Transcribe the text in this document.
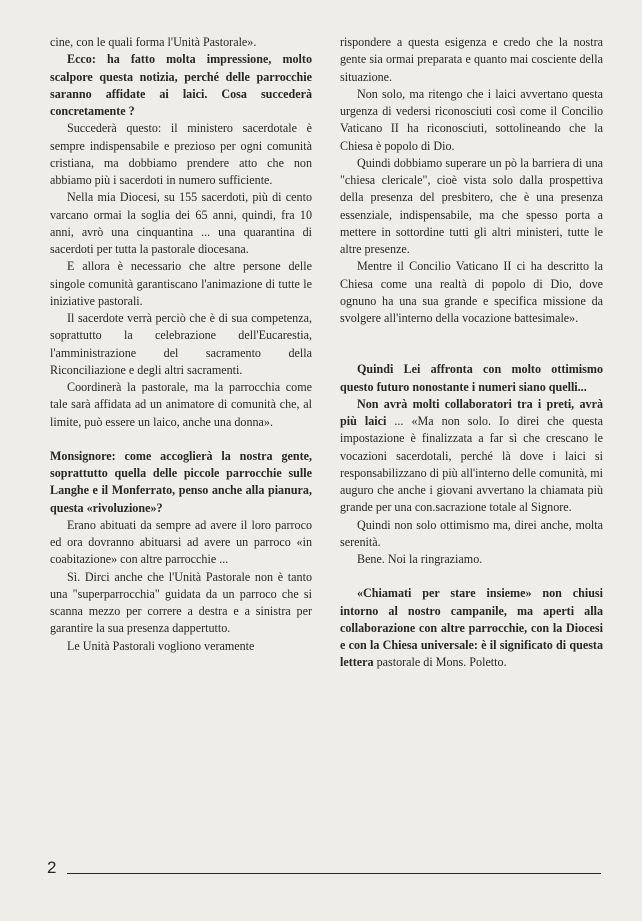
cine, con le quali forma l'Unità Pastorale».

Ecco: ha fatto molta impressione, molto scalpore questa notizia, perché delle parrocchie saranno affidate ai laici. Cosa succederà concretamente ?

Succederà questo: il ministero sacerdotale è sempre indispensabile e prezioso per ogni comunità cristiana, ma dobbiamo prendere atto che non abbiamo più i sacerdoti in numero sufficiente.

Nella mia Diocesi, su 155 sacerdoti, più di cento varcano ormai la soglia dei 65 anni, quindi, fra 10 anni, avrò una cinquantina ... una quarantina di sacerdoti per tutta la pastorale diocesana.

E allora è necessario che altre persone delle singole comunità garantiscano l'animazione di tutte le iniziative pastorali.

Il sacerdote verrà perciò che è di sua competenza, soprattutto la celebrazione dell'Eucarestia, l'amministrazione del sacramento della Riconciliazione e degli altri sacramenti.

Coordinerà la pastorale, ma la parrocchia come tale sarà affidata ad un animatore di comunità che, al limite, può essere un laico, anche una donna».

Monsignore: come accoglierà la nostra gente, soprattutto quella delle piccole parrocchie sulle Langhe e il Monferrato, penso anche alla pianura, questa «rivoluzione»?

Erano abituati da sempre ad avere il loro parroco ed ora dovranno abituarsi ad avere un parroco «in coabitazione» con altre parrocchie ...

Sì. Dirci anche che l'Unità Pastorale non è tanto una "superparrocchia" guidata da un parroco che si scanna mezzo per correre a destra e a sinistra per garantire la sua presenza dappertutto.

Le Unità Pastorali vogliono veramente

rispondere a questa esigenza e credo che la nostra gente sia ormai preparata e quanto mai cosciente della situazione.

Non solo, ma ritengo che i laici avvertano questa urgenza di vedersi riconosciuti così come il Concilio Vaticano II ha riconosciuti, sottolineando che la Chiesa è popolo di Dio.

Quindi dobbiamo superare un pò la barriera di una "chiesa clericale", cioè vista solo dalla prospettiva della presenza del presbitero, che è una presenza essenziale, indispensabile, ma che spesso porta a mettere in sottordine tutti gli altri ministeri, tutte le altre presenze.

Mentre il Concilio Vaticano II ci ha descritto la Chiesa come una realtà di popolo di Dio, dove ognuno ha una sua grande e specifica missione da svolgere all'interno della vocazione battesimale».

Quindi Lei affronta con molto ottimismo questo futuro nonostante i numeri siano quelli...

Non avrà molti collaboratori tra i preti, avrà più laici ... «Ma non solo. Io direi che questa impostazione è finalizzata a far sì che crescano le vocazioni sacerdotali, perché là dove i laici si responsabilizzano di più all'interno delle comunità, mi auguro che anche i giovani avvertano la chiamata più grande per una con.sacrazione totale al Signore.

Quindi non solo ottimismo ma, direi anche, molta serenità.

Bene. Noi la ringraziamo.

«Chiamati per stare insieme» non chiusi intorno al nostro campanile, ma aperti alla collaborazione con altre parrocchie, con la Diocesi e con la Chiesa universale: è il significato di questa lettera pastorale di Mons. Poletto.

2
